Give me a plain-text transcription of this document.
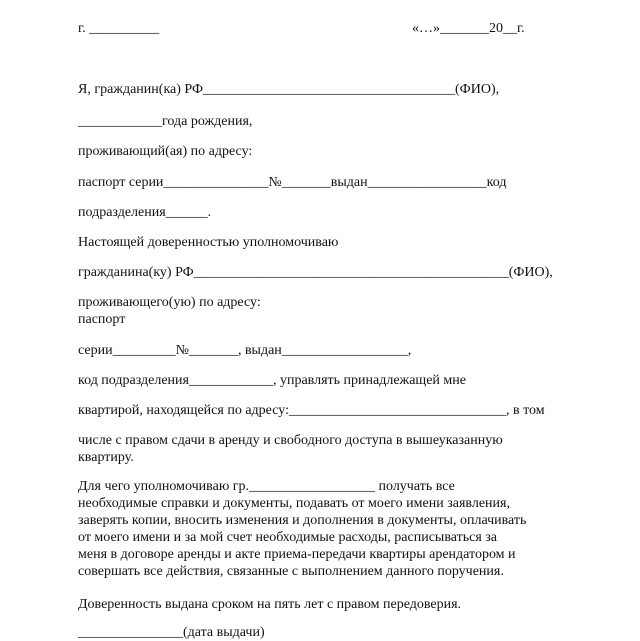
г. __________	«…»_______20__г.
Я, гражданин(ка) РФ____________________________________(ФИО),
____________года рождения,
проживающий(ая) по адресу:
паспорт серии_______________№_______выдан_________________код
подразделения______.
Настоящей доверенностью уполномочиваю
гражданина(ку) РФ_____________________________________________(ФИО),
проживающего(ую) по адресу:
паспорт
серии_________№_______, выдан__________________,
код подразделения____________, управлять принадлежащей мне
квартирой, находящейся по адресу:_______________________________, в том
числе с правом сдачи в аренду и свободного доступа в вышеуказанную
квартиру.
Для чего уполномочиваю гр.__________________ получать все
необходимые справки и документы, подавать от моего имени заявления,
заверять копии, вносить изменения и дополнения в документы, оплачивать
от моего имени и за мой счет необходимые расходы, расписываться за
меня в договоре аренды и акте приема-передачи квартиры арендатором и
совершать все действия, связанные с выполнением данного поручения.
Доверенность выдана сроком на пять лет с правом передоверия.
_______________(дата выдачи)
